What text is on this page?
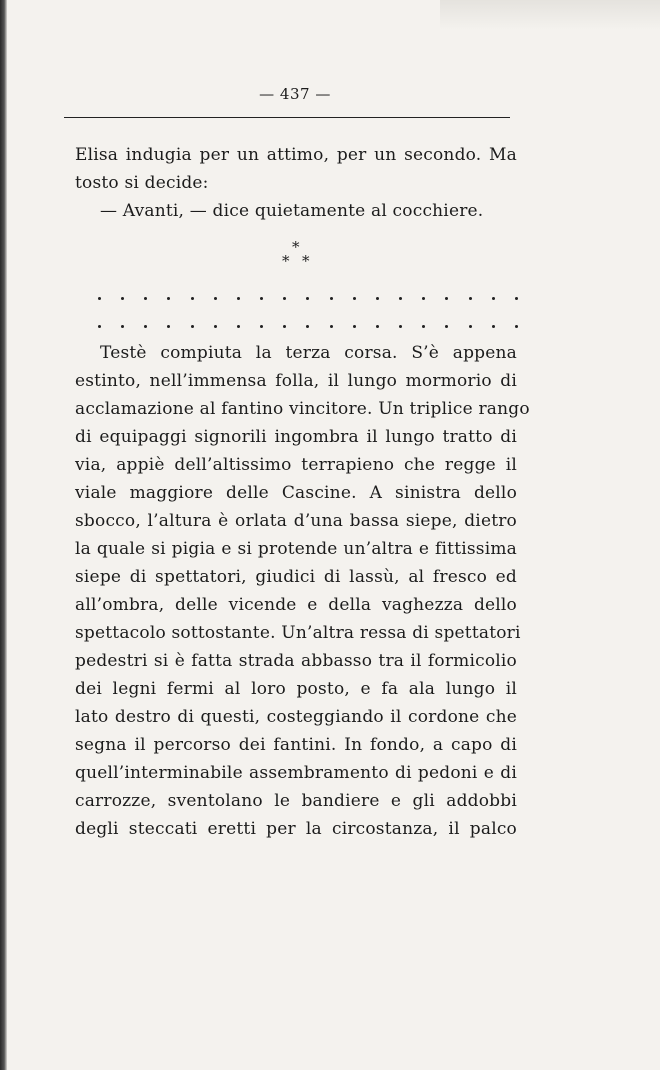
— 437 —
Elisa indugia per un attimo, per un secondo. Ma
tosto si decide:
— Avanti, — dice quietamente al cocchiere.
*
* *
Testè compiuta la terza corsa. S’è appena
estinto, nell’immensa folla, il lungo mormorio di
acclamazione al fantino vincitore. Un triplice rango
di equipaggi signorili ingombra il lungo tratto di
via, appiè dell’altissimo terrapieno che regge il
viale maggiore delle Cascine. A sinistra dello
sbocco, l’altura è orlata d’una bassa siepe, dietro
la quale si pigia e si protende un’altra e fittissima
siepe di spettatori, giudici di lassù, al fresco ed
all’ombra, delle vicende e della vaghezza dello
spettacolo sottostante. Un’altra ressa di spettatori
pedestri si è fatta strada abbasso tra il formicolio
dei legni fermi al loro posto, e fa ala lungo il
lato destro di questi, costeggiando il cordone che
segna il percorso dei fantini. In fondo, a capo di
quell’interminabile assembramento di pedoni e di
carrozze, sventolano le bandiere e gli addobbi
degli steccati eretti per la circostanza, il palco
